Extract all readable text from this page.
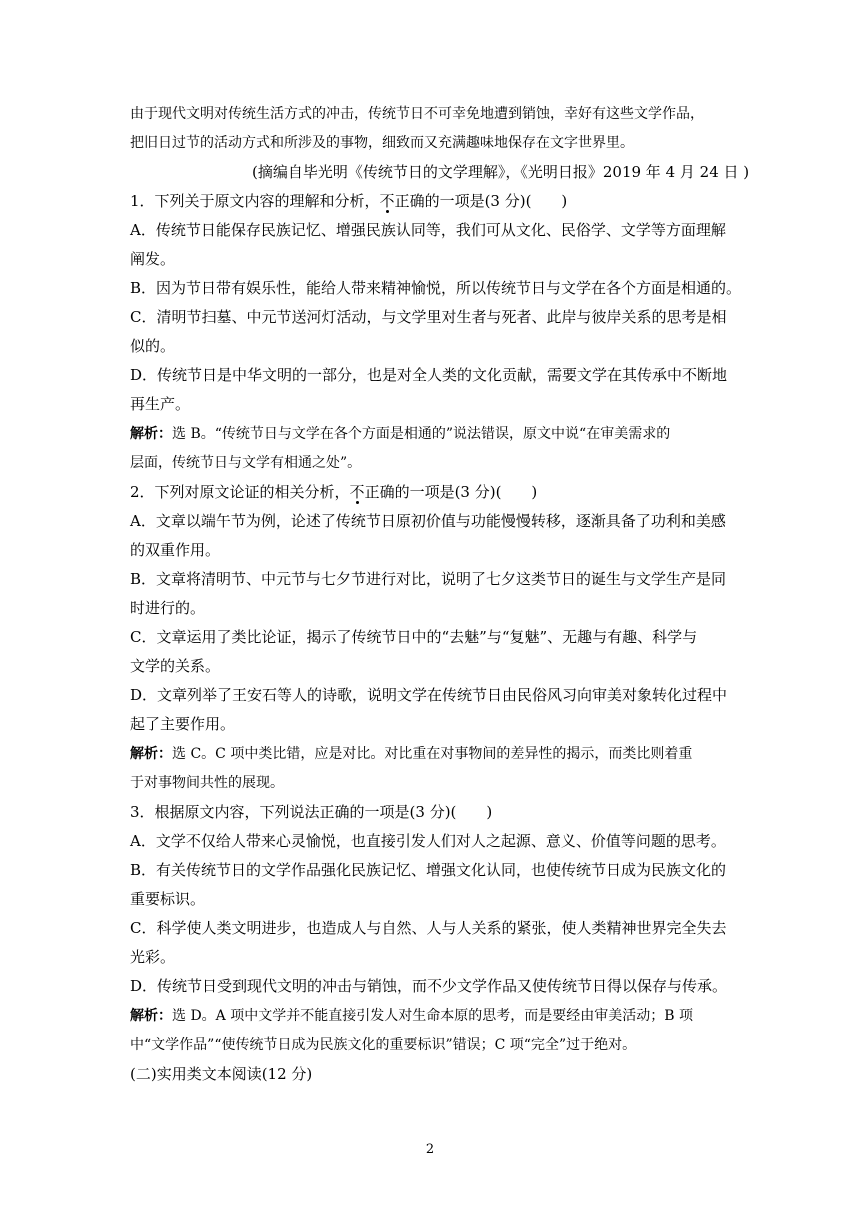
由于现代文明对传统生活方式的冲击，传统节日不可幸免地遭到销蚀，幸好有这些文学作品，

把旧日过节的活动方式和所涉及的事物，细致而又充满趣味地保存在文字世界里。

(摘编自毕光明《传统节日的文学理解》，《光明日报》2019 年 4 月 24 日 )

1．下列关于原文内容的理解和分析，不正确的一项是(3 分)(　　)

A．传统节日能保存民族记忆、增强民族认同等，我们可从文化、民俗学、文学等方面理解

阐发。

B．因为节日带有娱乐性，能给人带来精神愉悦，所以传统节日与文学在各个方面是相通的。

C．清明节扫墓、中元节送河灯活动，与文学里对生者与死者、此岸与彼岸关系的思考是相

似的。

D．传统节日是中华文明的一部分，也是对全人类的文化贡献，需要文学在其传承中不断地

再生产。

解析：选 B。“传统节日与文学在各个方面是相通的”说法错误，原文中说“在审美需求的

层面，传统节日与文学有相通之处”。

2．下列对原文论证的相关分析，不正确的一项是(3 分)(　　)

A．文章以端午节为例，论述了传统节日原初价值与功能慢慢转移，逐渐具备了功利和美感

的双重作用。

B．文章将清明节、中元节与七夕节进行对比，说明了七夕这类节日的诞生与文学生产是同

时进行的。

C．文章运用了类比论证，揭示了传统节日中的“去魅”与“复魅”、无趣与有趣、科学与

文学的关系。

D．文章列举了王安石等人的诗歌，说明文学在传统节日由民俗风习向审美对象转化过程中

起了主要作用。

解析：选 C。C 项中类比错，应是对比。对比重在对事物间的差异性的揭示，而类比则着重

于对事物间共性的展现。

3．根据原文内容，下列说法正确的一项是(3 分)(　　)

A．文学不仅给人带来心灵愉悦，也直接引发人们对人之起源、意义、价值等问题的思考。

B．有关传统节日的文学作品强化民族记忆、增强文化认同，也使传统节日成为民族文化的

重要标识。

C．科学使人类文明进步，也造成人与自然、人与人关系的紧张，使人类精神世界完全失去

光彩。

D．传统节日受到现代文明的冲击与销蚀，而不少文学作品又使传统节日得以保存与传承。

解析：选 D。A 项中文学并不能直接引发人对生命本原的思考，而是要经由审美活动；B 项

中“文学作品”“使传统节日成为民族文化的重要标识”错误；C 项“完全”过于绝对。

(二)实用类文本阅读(12 分)

2
